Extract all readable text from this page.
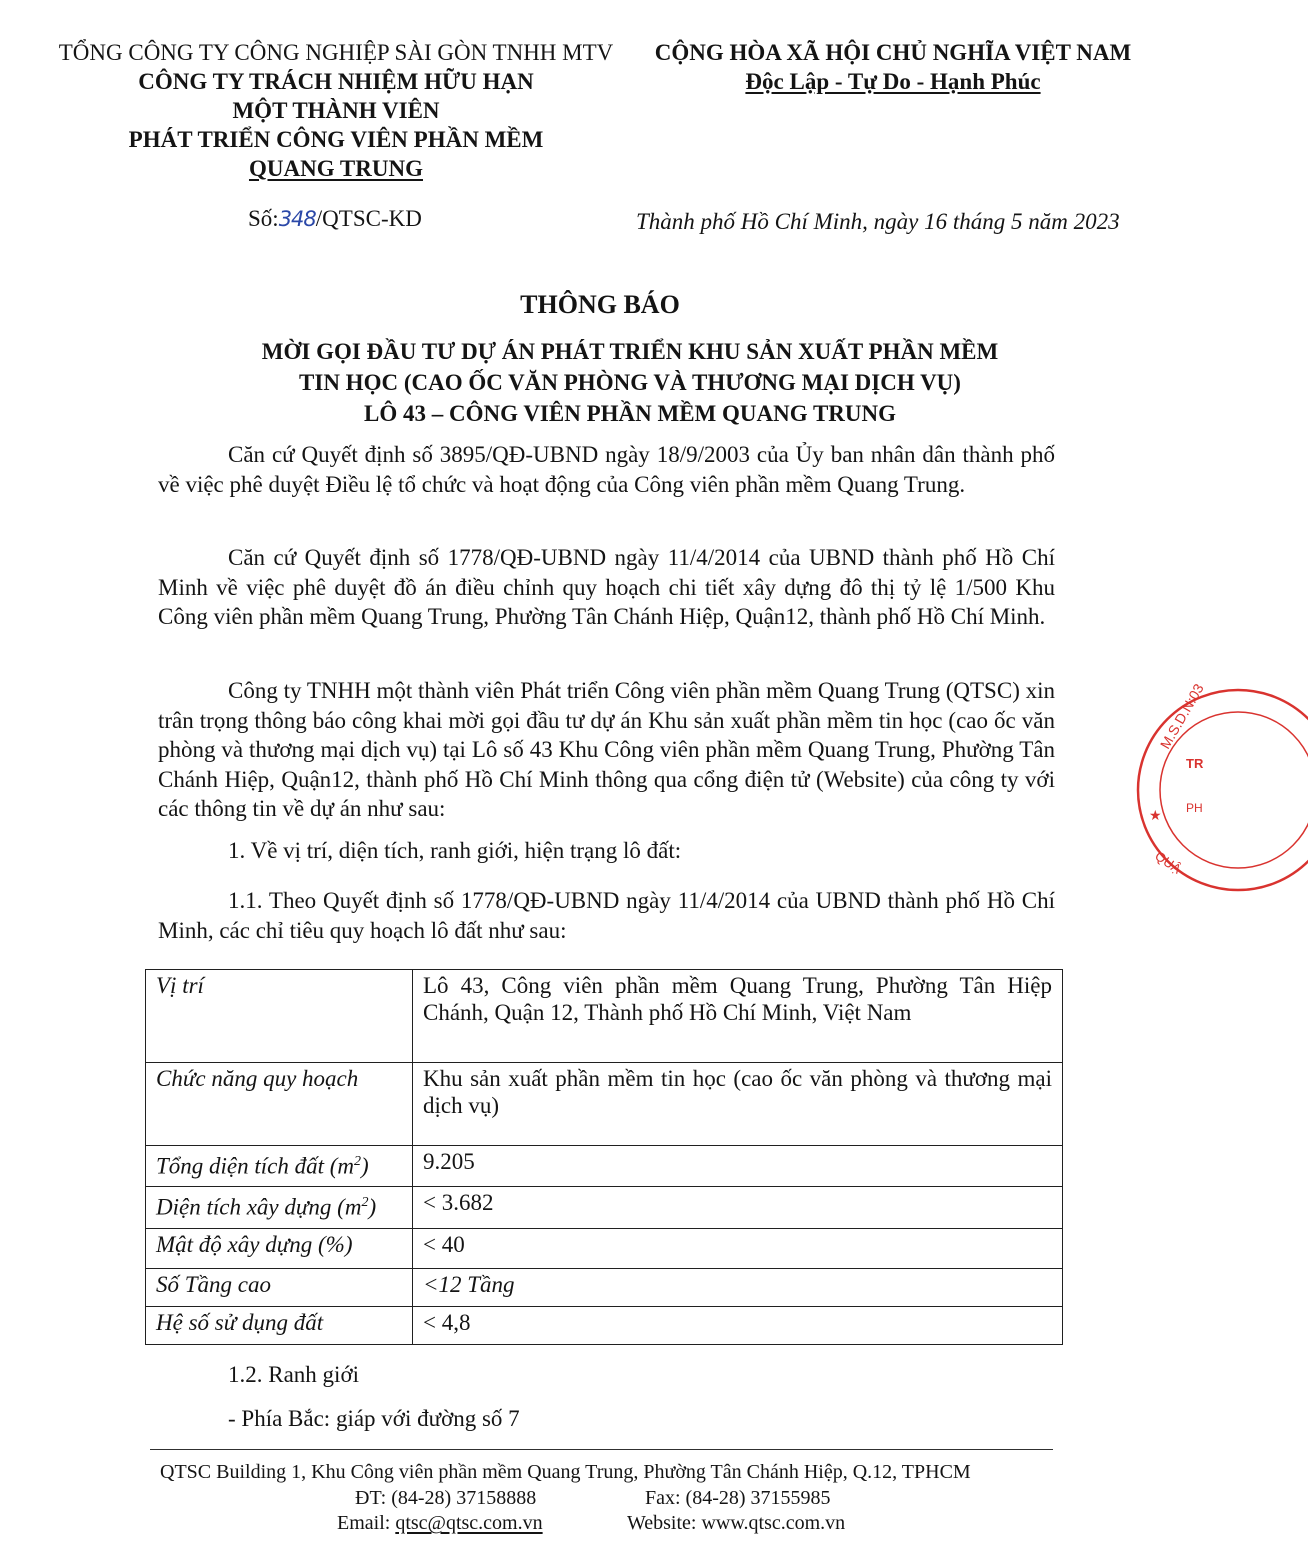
TỔNG CÔNG TY CÔNG NGHIỆP SÀI GÒN TNHH MTV
CÔNG TY TRÁCH NHIỆM HỮU HẠN
MỘT THÀNH VIÊN
PHÁT TRIỂN CÔNG VIÊN PHẦN MỀM
QUANG TRUNG
CỘNG HÒA XÃ HỘI CHỦ NGHĨA VIỆT NAM
Độc Lập - Tự Do - Hạnh Phúc
Số:348/QTSC-KD	Thành phố Hồ Chí Minh, ngày 16 tháng 5 năm 2023
THÔNG BÁO
MỜI GỌI ĐẦU TƯ DỰ ÁN PHÁT TRIỂN KHU SẢN XUẤT PHẦN MỀM
TIN HỌC (CAO ỐC VĂN PHÒNG VÀ THƯƠNG MẠI DỊCH VỤ)
LÔ 43 – CÔNG VIÊN PHẦN MỀM QUANG TRUNG

Căn cứ Quyết định số 3895/QĐ-UBND ngày 18/9/2003 của Ủy ban nhân dân thành phố về việc phê duyệt Điều lệ tổ chức và hoạt động của Công viên phần mềm Quang Trung.

Căn cứ Quyết định số 1778/QĐ-UBND ngày 11/4/2014 của UBND thành phố Hồ Chí Minh về việc phê duyệt đồ án điều chỉnh quy hoạch chi tiết xây dựng đô thị tỷ lệ 1/500 Khu Công viên phần mềm Quang Trung, Phường Tân Chánh Hiệp, Quận12, thành phố Hồ Chí Minh.

Công ty TNHH một thành viên Phát triển Công viên phần mềm Quang Trung (QTSC) xin trân trọng thông báo công khai mời gọi đầu tư dự án Khu sản xuất phần mềm tin học (cao ốc văn phòng và thương mại dịch vụ) tại Lô số 43 Khu Công viên phần mềm Quang Trung, Phường Tân Chánh Hiệp, Quận12, thành phố Hồ Chí Minh thông qua cổng điện tử (Website) của công ty với các thông tin về dự án như sau:

1. Về vị trí, diện tích, ranh giới, hiện trạng lô đất:

1.1. Theo Quyết định số 1778/QĐ-UBND ngày 11/4/2014 của UBND thành phố Hồ Chí Minh, các chỉ tiêu quy hoạch lô đất như sau:

Vị trí	Lô 43, Công viên phần mềm Quang Trung, Phường Tân Hiệp Chánh, Quận 12, Thành phố Hồ Chí Minh, Việt Nam
Chức năng quy hoạch	Khu sản xuất phần mềm tin học (cao ốc văn phòng và thương mại dịch vụ)
Tổng diện tích đất $(m^2)$	9.205
Diện tích xây dựng $(m^2)$	< 3.682
Mật độ xây dựng (%)	< 40
Số Tầng cao	<12 Tầng
Hệ số sử dụng đất	< 4,8
1.2. Ranh giới
- Phía Bắc: giáp với đường số 7
QTSC Building 1, Khu Công viên phần mềm Quang Trung, Phường Tân Chánh Hiệp, Q.12, TPHCM
ĐT: (84-28) 37158888	Fax: (84-28) 37155985
Email: qtsc@qtsc.com.vn	Website: www.qtsc.com.vn
M.S.D.N:03
TR
PH
QUẬ
★
